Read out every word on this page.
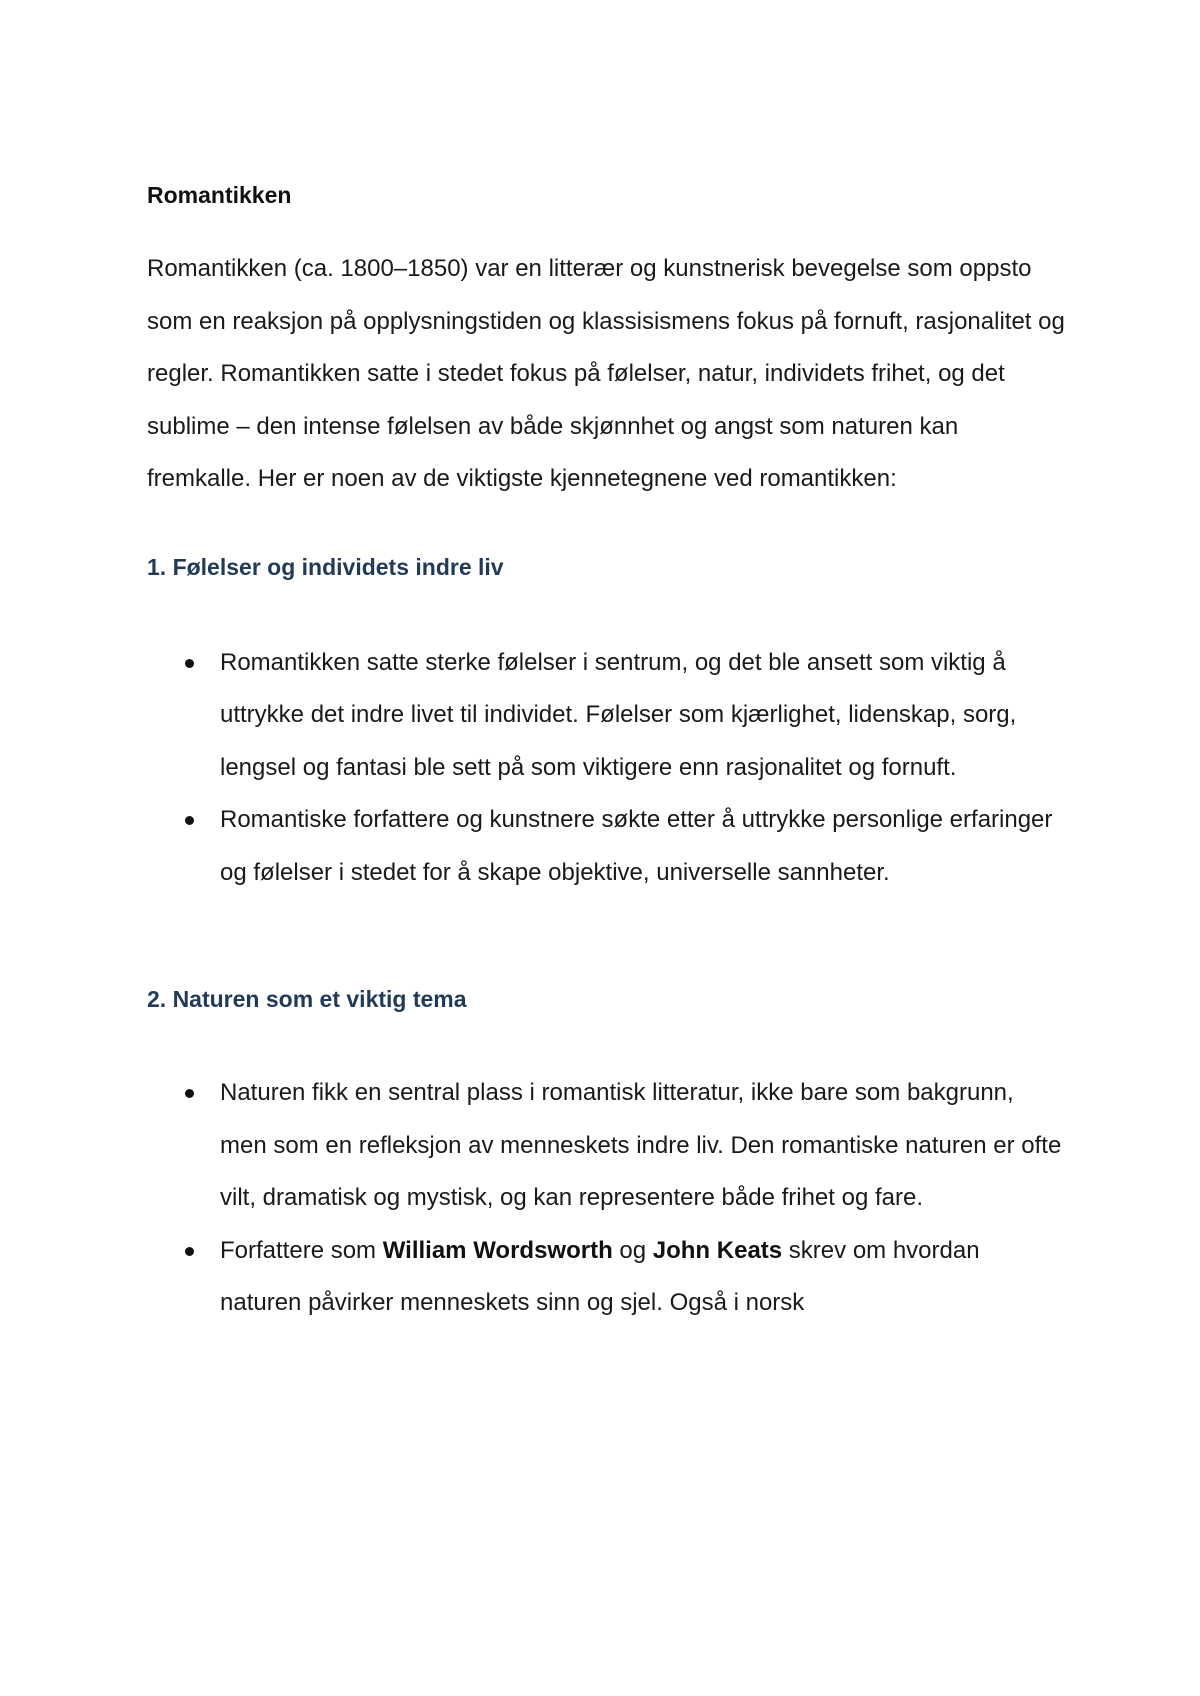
Romantikken

Romantikken (ca. 1800–1850) var en litterær og kunstnerisk bevegelse som oppsto som en reaksjon på opplysningstiden og klassisismens fokus på fornuft, rasjonalitet og regler. Romantikken satte i stedet fokus på følelser, natur, individets frihet, og det sublime – den intense følelsen av både skjønnhet og angst som naturen kan fremkalle. Her er noen av de viktigste kjennetegnene ved romantikken:

1. Følelser og individets indre liv
Romantikken satte sterke følelser i sentrum, og det ble ansett som viktig å uttrykke det indre livet til individet. Følelser som kjærlighet, lidenskap, sorg, lengsel og fantasi ble sett på som viktigere enn rasjonalitet og fornuft.
Romantiske forfattere og kunstnere søkte etter å uttrykke personlige erfaringer og følelser i stedet for å skape objektive, universelle sannheter.
2. Naturen som et viktig tema
Naturen fikk en sentral plass i romantisk litteratur, ikke bare som bakgrunn, men som en refleksjon av menneskets indre liv. Den romantiske naturen er ofte vilt, dramatisk og mystisk, og kan representere både frihet og fare.
Forfattere som William Wordsworth og John Keats skrev om hvordan naturen påvirker menneskets sinn og sjel. Også i norsk
